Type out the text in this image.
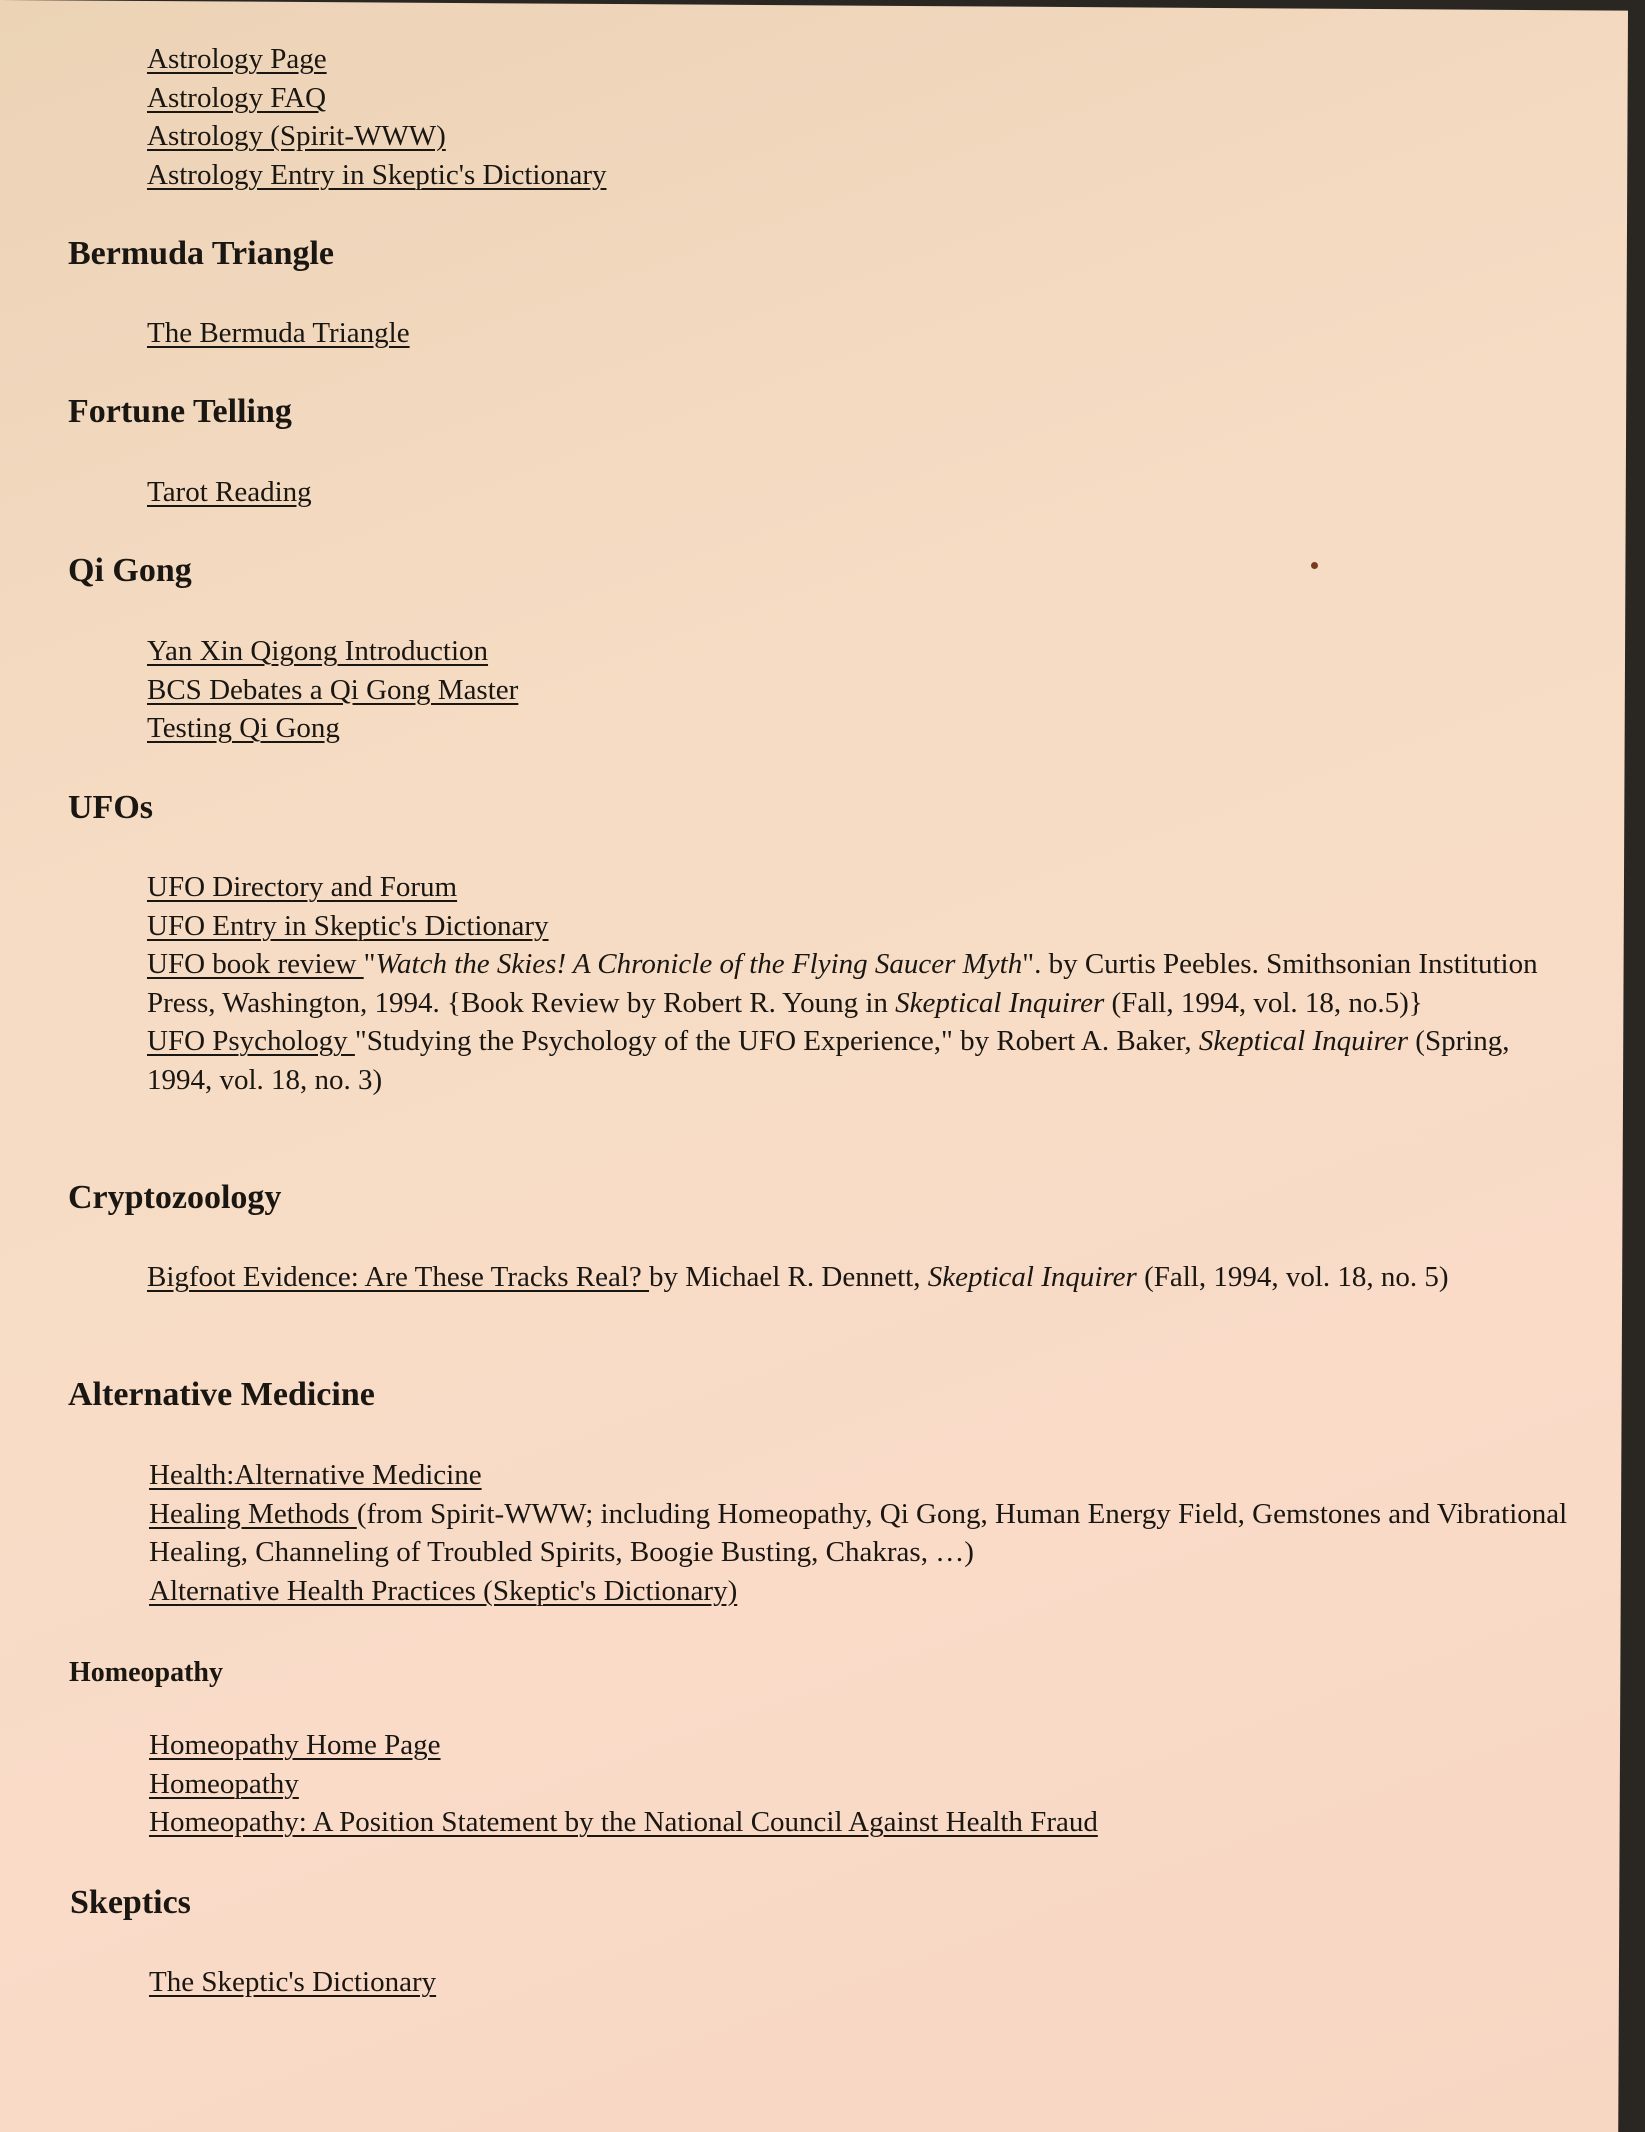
Astrology Page
Astrology FAQ
Astrology (Spirit-WWW)
Astrology Entry in Skeptic's Dictionary
Bermuda Triangle
The Bermuda Triangle
Fortune Telling
Tarot Reading
Qi Gong
Yan Xin Qigong Introduction
BCS Debates a Qi Gong Master
Testing Qi Gong
UFOs
UFO Directory and Forum
UFO Entry in Skeptic's Dictionary
UFO book review "Watch the Skies! A Chronicle of the Flying Saucer Myth". by Curtis Peebles. Smithsonian Institution Press, Washington, 1994. {Book Review by Robert R. Young in Skeptical Inquirer (Fall, 1994, vol. 18, no.5)}
UFO Psychology "Studying the Psychology of the UFO Experience," by Robert A. Baker, Skeptical Inquirer (Spring, 1994, vol. 18, no. 3)
Cryptozoology
Bigfoot Evidence: Are These Tracks Real? by Michael R. Dennett, Skeptical Inquirer (Fall, 1994, vol. 18, no. 5)
Alternative Medicine
Health:Alternative Medicine
Healing Methods (from Spirit-WWW; including Homeopathy, Qi Gong, Human Energy Field, Gemstones and Vibrational Healing, Channeling of Troubled Spirits, Boogie Busting, Chakras, …)
Alternative Health Practices (Skeptic's Dictionary)
Homeopathy
Homeopathy Home Page
Homeopathy
Homeopathy: A Position Statement by the National Council Against Health Fraud
Skeptics
The Skeptic's Dictionary
